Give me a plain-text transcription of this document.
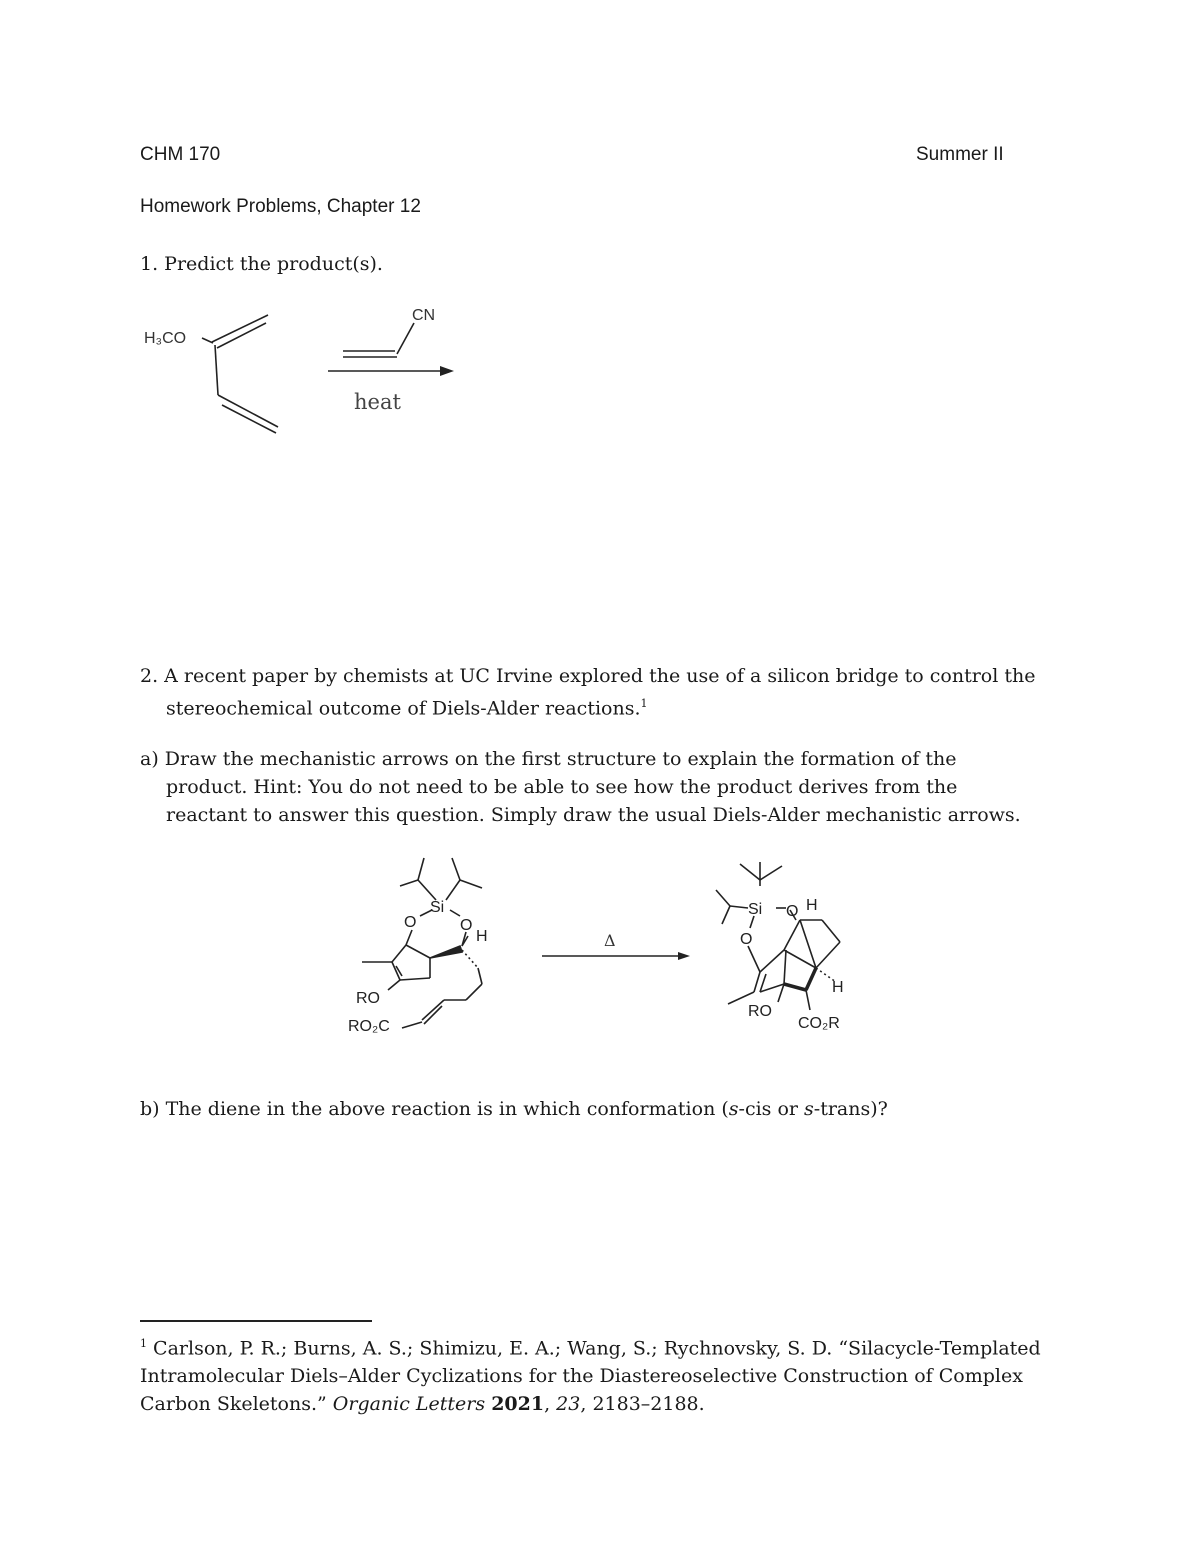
CHM 170	Summer II
Homework Problems, Chapter 12
1. Predict the product(s).
H₃CO
CN
heat
2. A recent paper by chemists at UC Irvine explored the use of a silicon bridge to control the
stereochemical outcome of Diels-Alder reactions.$^1$
a) Draw the mechanistic arrows on the first structure to explain the formation of the
product. Hint: You do not need to be able to see how the product derives from the
reactant to answer this question. Simply draw the usual Diels-Alder mechanistic arrows.
Si
O	O
H
RO
RO₂C
Δ
Si O
O
H
H
RO
CO₂R
b) The diene in the above reaction is in which conformation (s-cis or s-trans)?
$^1$ Carlson, P. R.; Burns, A. S.; Shimizu, E. A.; Wang, S.; Rychnovsky, S. D. “Silacycle-Templated
Intramolecular Diels–Alder Cyclizations for the Diastereoselective Construction of Complex
Carbon Skeletons.” Organic Letters 2021, 23, 2183–2188.
